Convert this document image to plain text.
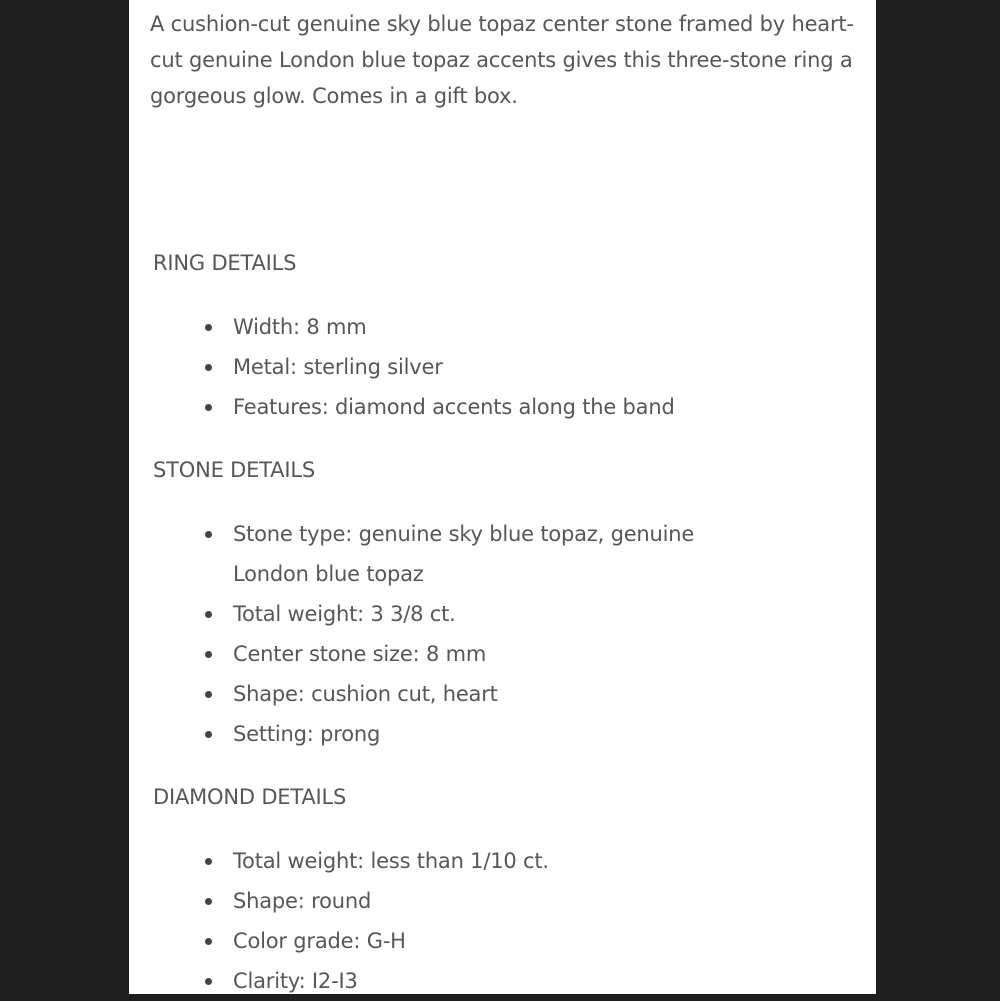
A cushion-cut genuine sky blue topaz center stone framed by heart-cut genuine London blue topaz accents gives this three-stone ring a gorgeous glow. Comes in a gift box.

RING DETAILS
Width: 8 mm
Metal: sterling silver
Features: diamond accents along the band
STONE DETAILS
Stone type: genuine sky blue topaz, genuine London blue topaz
Total weight: 3 3/8 ct.
Center stone size: 8 mm
Shape: cushion cut, heart
Setting: prong
DIAMOND DETAILS
Total weight: less than 1/10 ct.
Shape: round
Color grade: G-H
Clarity: I2-I3
